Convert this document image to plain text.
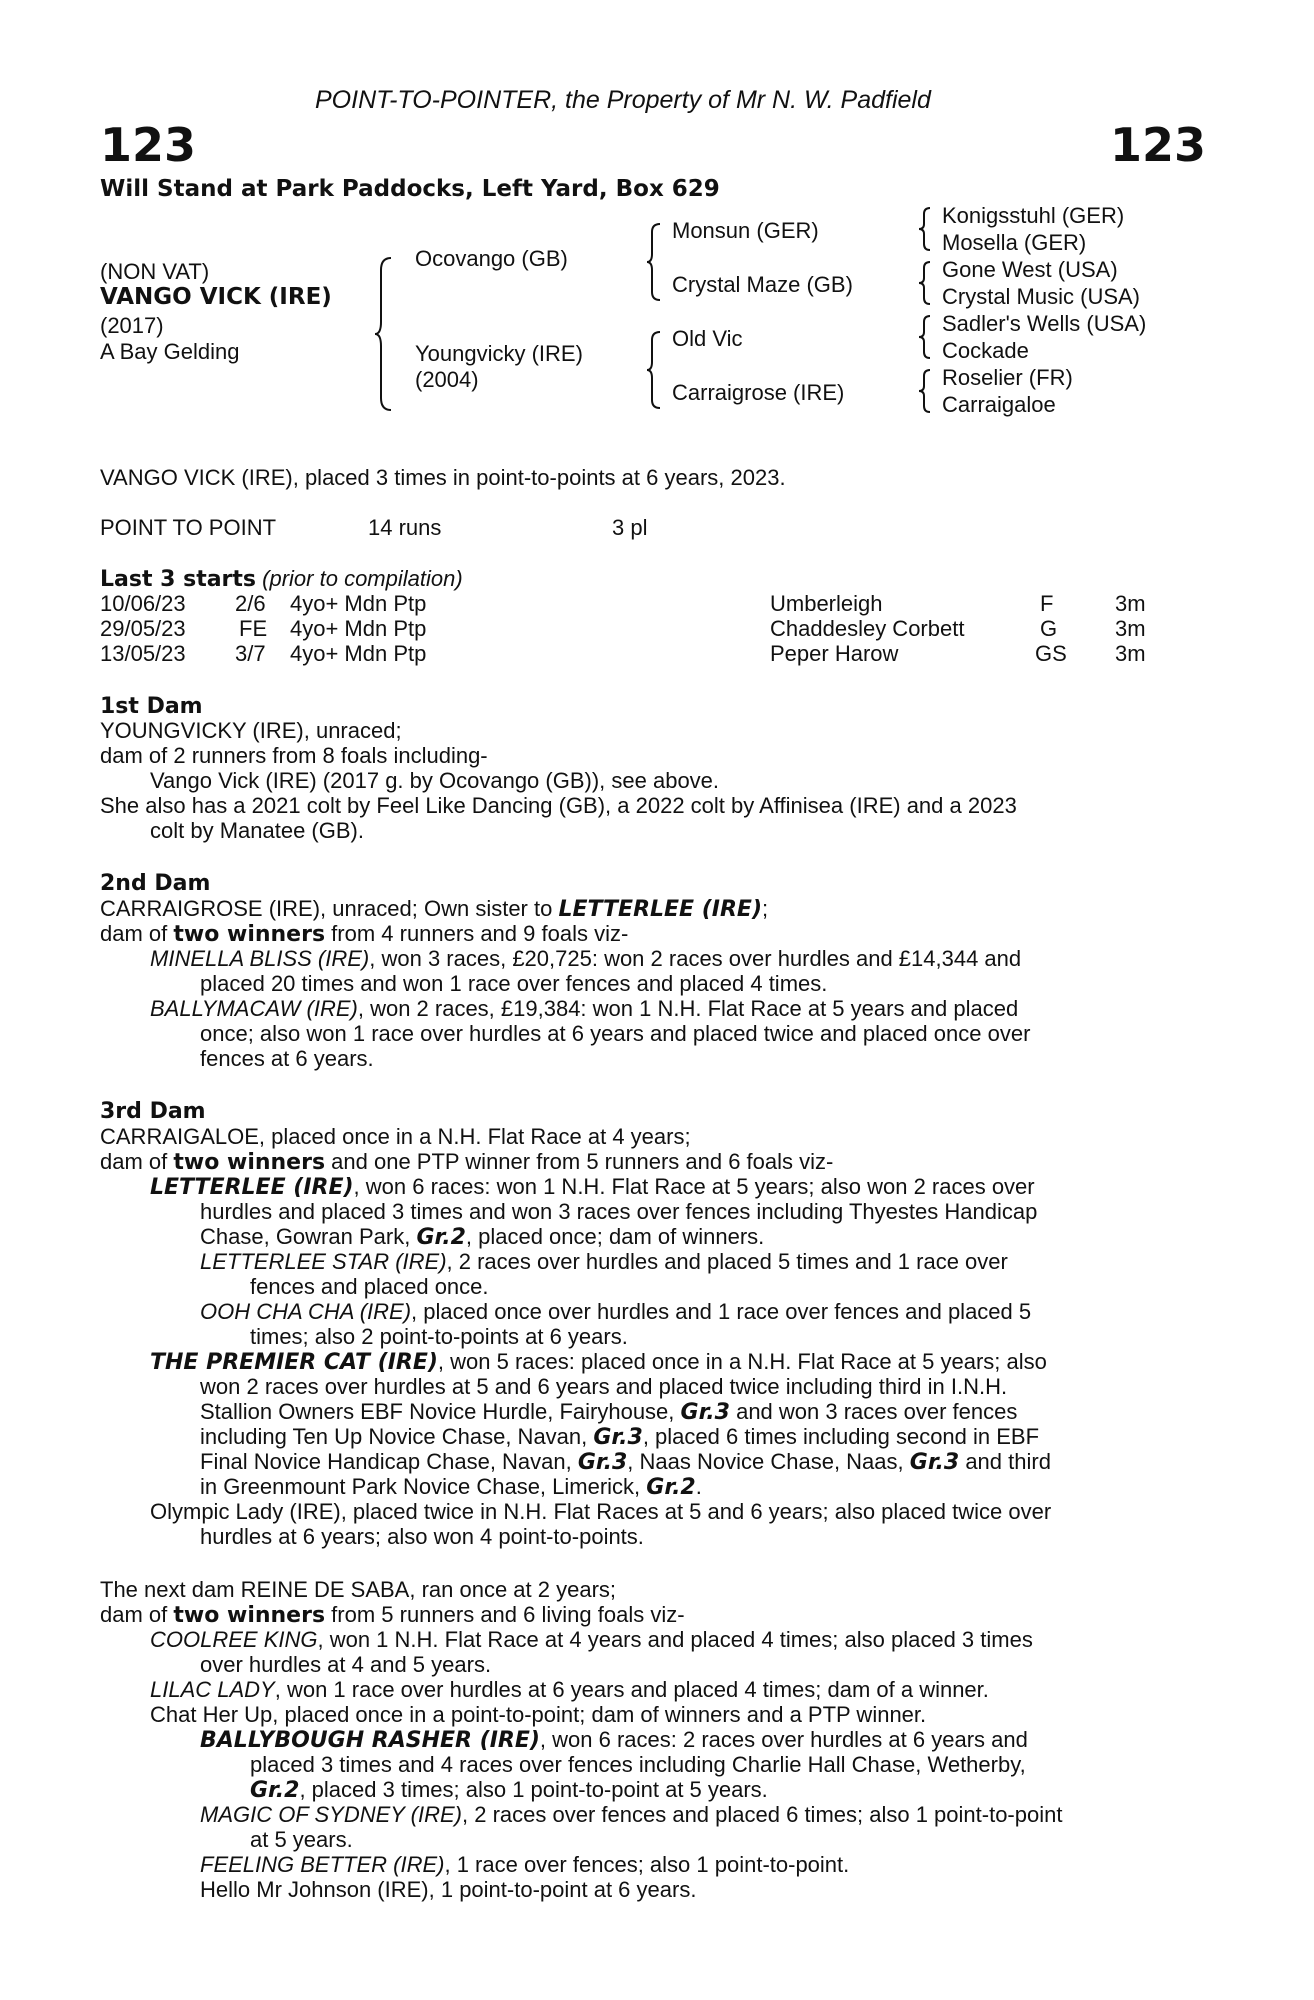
POINT-TO-POINTER, the Property of Mr N. W. Padfield
123	123
Will Stand at Park Paddocks, Left Yard, Box 629
(NON VAT)
VANGO VICK (IRE)
(2017)
A Bay Gelding
Ocovango (GB)
Youngvicky (IRE)
(2004)
Monsun (GER)
Crystal Maze (GB)
Old Vic
Carraigrose (IRE)
Konigsstuhl (GER)
Mosella (GER)
Gone West (USA)
Crystal Music (USA)
Sadler's Wells (USA)
Cockade
Roselier (FR)
Carraigaloe
VANGO VICK (IRE), placed 3 times in point-to-points at 6 years, 2023.
POINT TO POINT	14 runs	3 pl
Last 3 starts (prior to compilation)
10/06/23 2/6 4yo+ Mdn Ptp	Umberleigh	F	3m
29/05/23 FE 4yo+ Mdn Ptp	Chaddesley Corbett	G	3m
13/05/23 3/7 4yo+ Mdn Ptp	Peper Harow	GS 3m
1st Dam
YOUNGVICKY (IRE), unraced;
dam of 2 runners from 8 foals including-
Vango Vick (IRE) (2017 g. by Ocovango (GB)), see above.
She also has a 2021 colt by Feel Like Dancing (GB), a 2022 colt by Affinisea (IRE) and a 2023
colt by Manatee (GB).
2nd Dam
CARRAIGROSE (IRE), unraced; Own sister to LETTERLEE (IRE);
dam of two winners from 4 runners and 9 foals viz-
MINELLA BLISS (IRE), won 3 races, £20,725: won 2 races over hurdles and £14,344 and
placed 20 times and won 1 race over fences and placed 4 times.
BALLYMACAW (IRE), won 2 races, £19,384: won 1 N.H. Flat Race at 5 years and placed
once; also won 1 race over hurdles at 6 years and placed twice and placed once over
fences at 6 years.
3rd Dam
CARRAIGALOE, placed once in a N.H. Flat Race at 4 years;
dam of two winners and one PTP winner from 5 runners and 6 foals viz-
LETTERLEE (IRE), won 6 races: won 1 N.H. Flat Race at 5 years; also won 2 races over
hurdles and placed 3 times and won 3 races over fences including Thyestes Handicap
Chase, Gowran Park, Gr.2, placed once; dam of winners.
LETTERLEE STAR (IRE), 2 races over hurdles and placed 5 times and 1 race over
fences and placed once.
OOH CHA CHA (IRE), placed once over hurdles and 1 race over fences and placed 5
times; also 2 point-to-points at 6 years.
THE PREMIER CAT (IRE), won 5 races: placed once in a N.H. Flat Race at 5 years; also
won 2 races over hurdles at 5 and 6 years and placed twice including third in I.N.H.
Stallion Owners EBF Novice Hurdle, Fairyhouse, Gr.3 and won 3 races over fences
including Ten Up Novice Chase, Navan, Gr.3, placed 6 times including second in EBF
Final Novice Handicap Chase, Navan, Gr.3, Naas Novice Chase, Naas, Gr.3 and third
in Greenmount Park Novice Chase, Limerick, Gr.2.
Olympic Lady (IRE), placed twice in N.H. Flat Races at 5 and 6 years; also placed twice over
hurdles at 6 years; also won 4 point-to-points.
The next dam REINE DE SABA, ran once at 2 years;
dam of two winners from 5 runners and 6 living foals viz-
COOLREE KING, won 1 N.H. Flat Race at 4 years and placed 4 times; also placed 3 times
over hurdles at 4 and 5 years.
LILAC LADY, won 1 race over hurdles at 6 years and placed 4 times; dam of a winner.
Chat Her Up, placed once in a point-to-point; dam of winners and a PTP winner.
BALLYBOUGH RASHER (IRE), won 6 races: 2 races over hurdles at 6 years and
placed 3 times and 4 races over fences including Charlie Hall Chase, Wetherby,
Gr.2, placed 3 times; also 1 point-to-point at 5 years.
MAGIC OF SYDNEY (IRE), 2 races over fences and placed 6 times; also 1 point-to-point
at 5 years.
FEELING BETTER (IRE), 1 race over fences; also 1 point-to-point.
Hello Mr Johnson (IRE), 1 point-to-point at 6 years.
